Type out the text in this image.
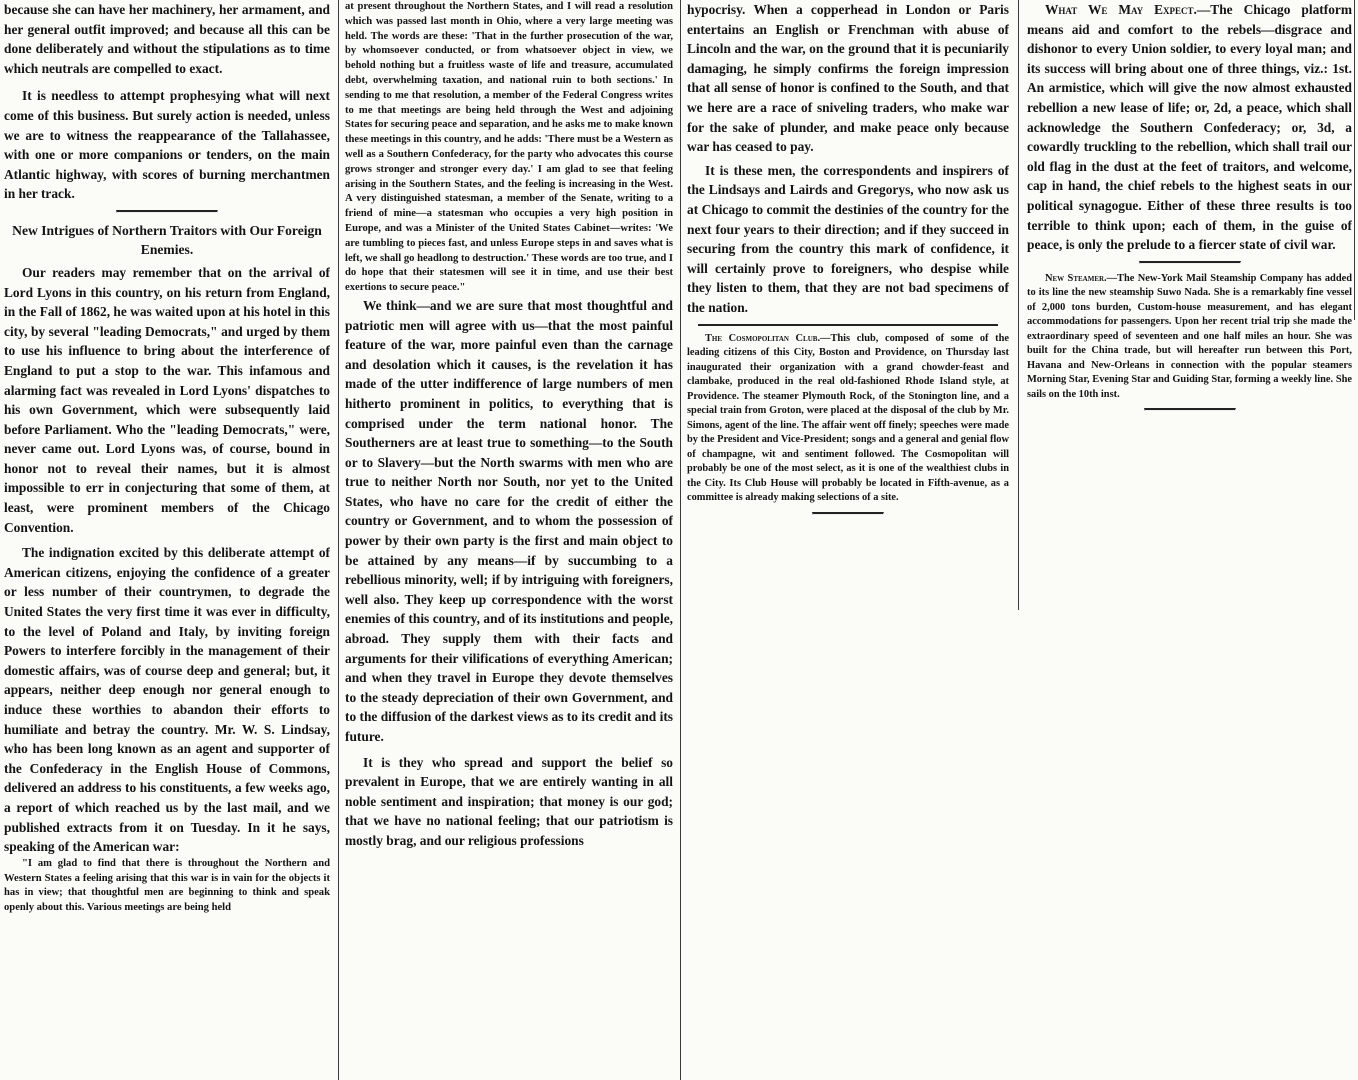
because she can have her machinery, her armament, and her general outfit improved; and because all this can be done deliberately and without the stipulations as to time which neutrals are compelled to exact.

It is needless to attempt prophesying what will next come of this business. But surely action is needed, unless we are to witness the reappearance of the Tallahassee, with one or more companions or tenders, on the main Atlantic highway, with scores of burning merchantmen in her track.

New Intrigues of Northern Traitors with Our Foreign Enemies.

Our readers may remember that on the arrival of Lord Lyons in this country, on his return from England, in the Fall of 1862, he was waited upon at his hotel in this city, by several "leading Democrats," and urged by them to use his influence to bring about the interference of England to put a stop to the war. This infamous and alarming fact was revealed in Lord Lyons' dispatches to his own Government, which were subsequently laid before Parliament. Who the "leading Democrats," were, never came out. Lord Lyons was, of course, bound in honor not to reveal their names, but it is almost impossible to err in conjecturing that some of them, at least, were prominent members of the Chicago Convention.

The indignation excited by this deliberate attempt of American citizens, enjoying the confidence of a greater or less number of their countrymen, to degrade the United States the very first time it was ever in difficulty, to the level of Poland and Italy, by inviting foreign Powers to interfere forcibly in the management of their domestic affairs, was of course deep and general; but, it appears, neither deep enough nor general enough to induce these worthies to abandon their efforts to humiliate and betray the country. Mr. W. S. Lindsay, who has been long known as an agent and supporter of the Confederacy in the English House of Commons, delivered an address to his constituents, a few weeks ago, a report of which reached us by the last mail, and we published extracts from it on Tuesday. In it he says, speaking of the American war:

"I am glad to find that there is throughout the Northern and Western States a feeling arising that this war is in vain for the objects it has in view; that thoughtful men are beginning to think and speak openly about this. Various meetings are being held

at present throughout the Northern States, and I will read a resolution which was passed last month in Ohio, where a very large meeting was held. The words are these: 'That in the further prosecution of the war, by whomsoever conducted, or from whatsoever object in view, we behold nothing but a fruitless waste of life and treasure, accumulated debt, overwhelming taxation, and national ruin to both sections.' In sending to me that resolution, a member of the Federal Congress writes to me that meetings are being held through the West and adjoining States for securing peace and separation, and he asks me to make known these meetings in this country, and he adds: 'There must be a Western as well as a Southern Confederacy, for the party who advocates this course grows stronger and stronger every day.' I am glad to see that feeling arising in the Southern States, and the feeling is increasing in the West. A very distinguished statesman, a member of the Senate, writing to a friend of mine—a statesman who occupies a very high position in Europe, and was a Minister of the United States Cabinet—writes: 'We are tumbling to pieces fast, and unless Europe steps in and saves what is left, we shall go headlong to destruction.' These words are too true, and I do hope that their statesmen will see it in time, and use their best exertions to secure peace."

We think—and we are sure that most thoughtful and patriotic men will agree with us—that the most painful feature of the war, more painful even than the carnage and desolation which it causes, is the revelation it has made of the utter indifference of large numbers of men hitherto prominent in politics, to everything that is comprised under the term national honor. The Southerners are at least true to something—to the South or to Slavery—but the North swarms with men who are true to neither North nor South, nor yet to the United States, who have no care for the credit of either the country or Government, and to whom the possession of power by their own party is the first and main object to be attained by any means—if by succumbing to a rebellious minority, well; if by intriguing with foreigners, well also. They keep up correspondence with the worst enemies of this country, and of its institutions and people, abroad. They supply them with their facts and arguments for their vilifications of everything American; and when they travel in Europe they devote themselves to the steady depreciation of their own Government, and to the diffusion of the darkest views as to its credit and its future.

It is they who spread and support the belief so prevalent in Europe, that we are entirely wanting in all noble sentiment and inspiration; that money is our god; that we have no national feeling; that our patriotism is mostly brag, and our religious professions

hypocrisy. When a copperhead in London or Paris entertains an English or Frenchman with abuse of Lincoln and the war, on the ground that it is pecuniarily damaging, he simply confirms the foreign impression that all sense of honor is confined to the South, and that we here are a race of sniveling traders, who make war for the sake of plunder, and make peace only because war has ceased to pay.

It is these men, the correspondents and inspirers of the Lindsays and Lairds and Gregorys, who now ask us at Chicago to commit the destinies of the country for the next four years to their direction; and if they succeed in securing from the country this mark of confidence, it will certainly prove to foreigners, who despise while they listen to them, that they are not bad specimens of the nation.

The Cosmopolitan Club.—This club, composed of some of the leading citizens of this City, Boston and Providence, on Thursday last inaugurated their organization with a grand chowder-feast and clambake, produced in the real old-fashioned Rhode Island style, at Providence. The steamer Plymouth Rock, of the Stonington line, and a special train from Groton, were placed at the disposal of the club by Mr. Simons, agent of the line. The affair went off finely; speeches were made by the President and Vice-President; songs and a general and genial flow of champagne, wit and sentiment followed. The Cosmopolitan will probably be one of the most select, as it is one of the wealthiest clubs in the City. Its Club House will probably be located in Fifth-avenue, as a committee is already making selections of a site.

What We May Expect.—The Chicago platform means aid and comfort to the rebels—disgrace and dishonor to every Union soldier, to every loyal man; and its success will bring about one of three things, viz.: 1st. An armistice, which will give the now almost exhausted rebellion a new lease of life; or, 2d, a peace, which shall acknowledge the Southern Confederacy; or, 3d, a cowardly truckling to the rebellion, which shall trail our old flag in the dust at the feet of traitors, and welcome, cap in hand, the chief rebels to the highest seats in our political synagogue. Either of these three results is too terrible to think upon; each of them, in the guise of peace, is only the prelude to a fiercer state of civil war.

New Steamer.—The New-York Mail Steamship Company has added to its line the new steamship Suwo Nada. She is a remarkably fine vessel of 2,000 tons burden, Custom-house measurement, and has elegant accommodations for passengers. Upon her recent trial trip she made the extraordinary speed of seventeen and one half miles an hour. She was built for the China trade, but will hereafter run between this Port, Havana and New-Orleans in connection with the popular steamers Morning Star, Evening Star and Guiding Star, forming a weekly line. She sails on the 10th inst.
